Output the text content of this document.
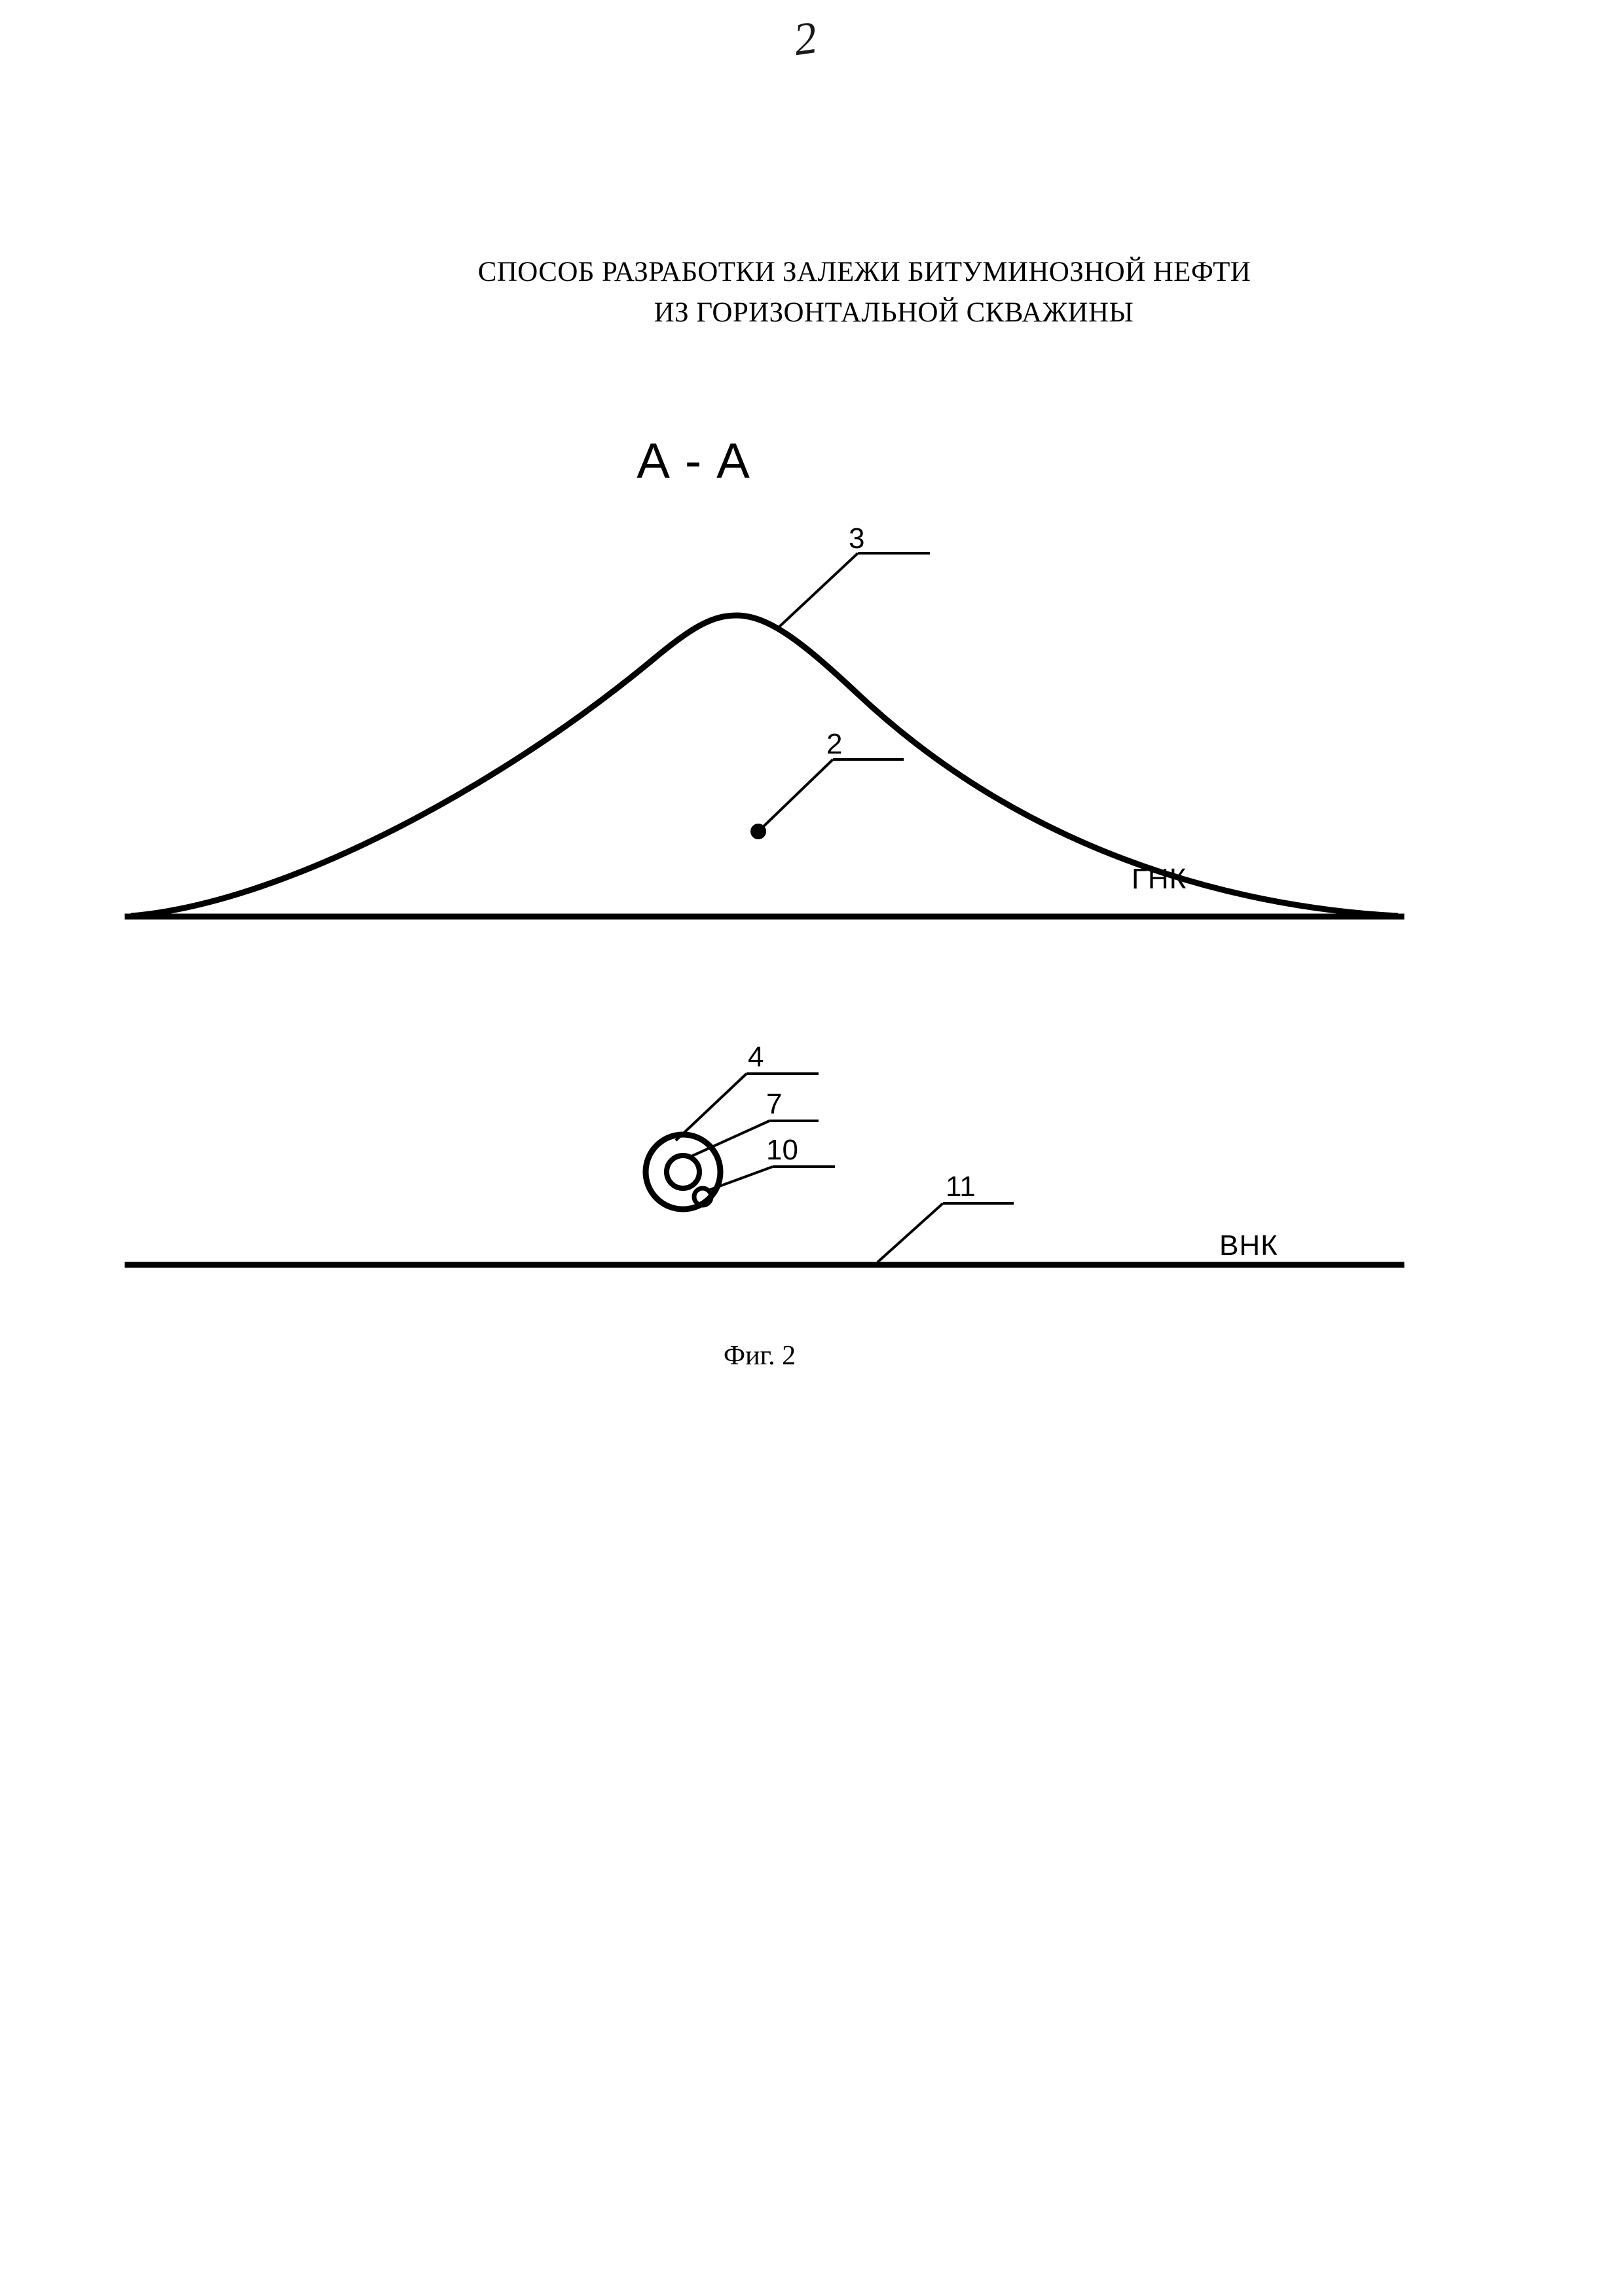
2
СПОСОБ РАЗРАБОТКИ ЗАЛЕЖИ БИТУМИНОЗНОЙ НЕФТИ
ИЗ ГОРИЗОНТАЛЬНОЙ СКВАЖИНЫ
A - A
3
2
4
7
10
11
ГНК
ВНК
Фиг. 2
